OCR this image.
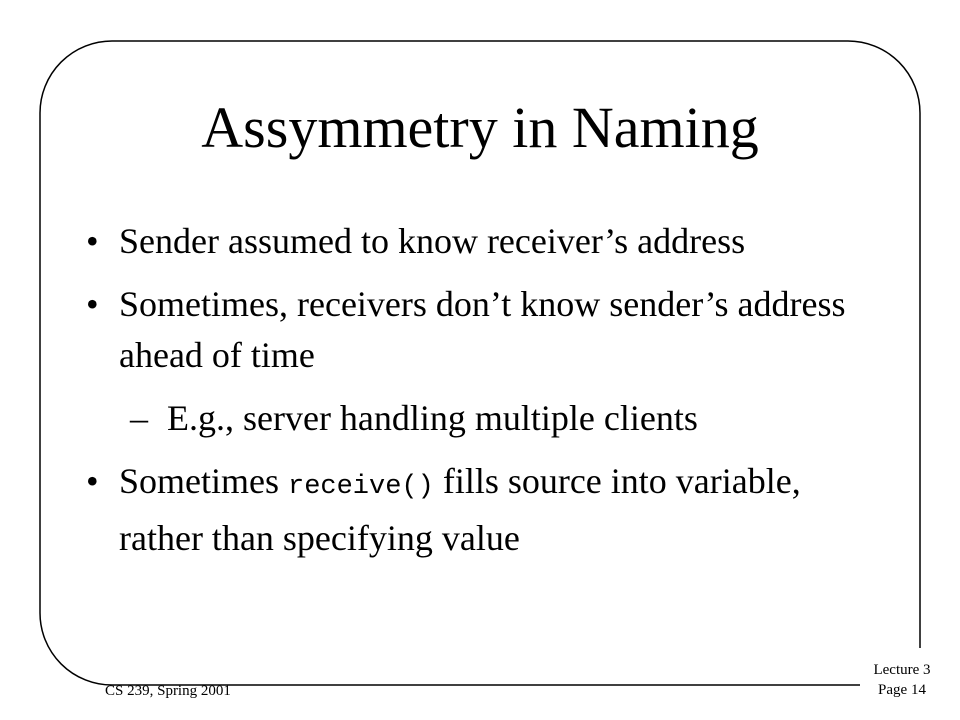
Assymmetry in Naming
• Sender assumed to know receiver’s address
• Sometimes, receivers don’t know sender’s address ahead of time
– E.g., server handling multiple clients
• Sometimes receive() fills source into variable, rather than specifying value
CS 239, Spring 2001
Lecture 3
Page 14
